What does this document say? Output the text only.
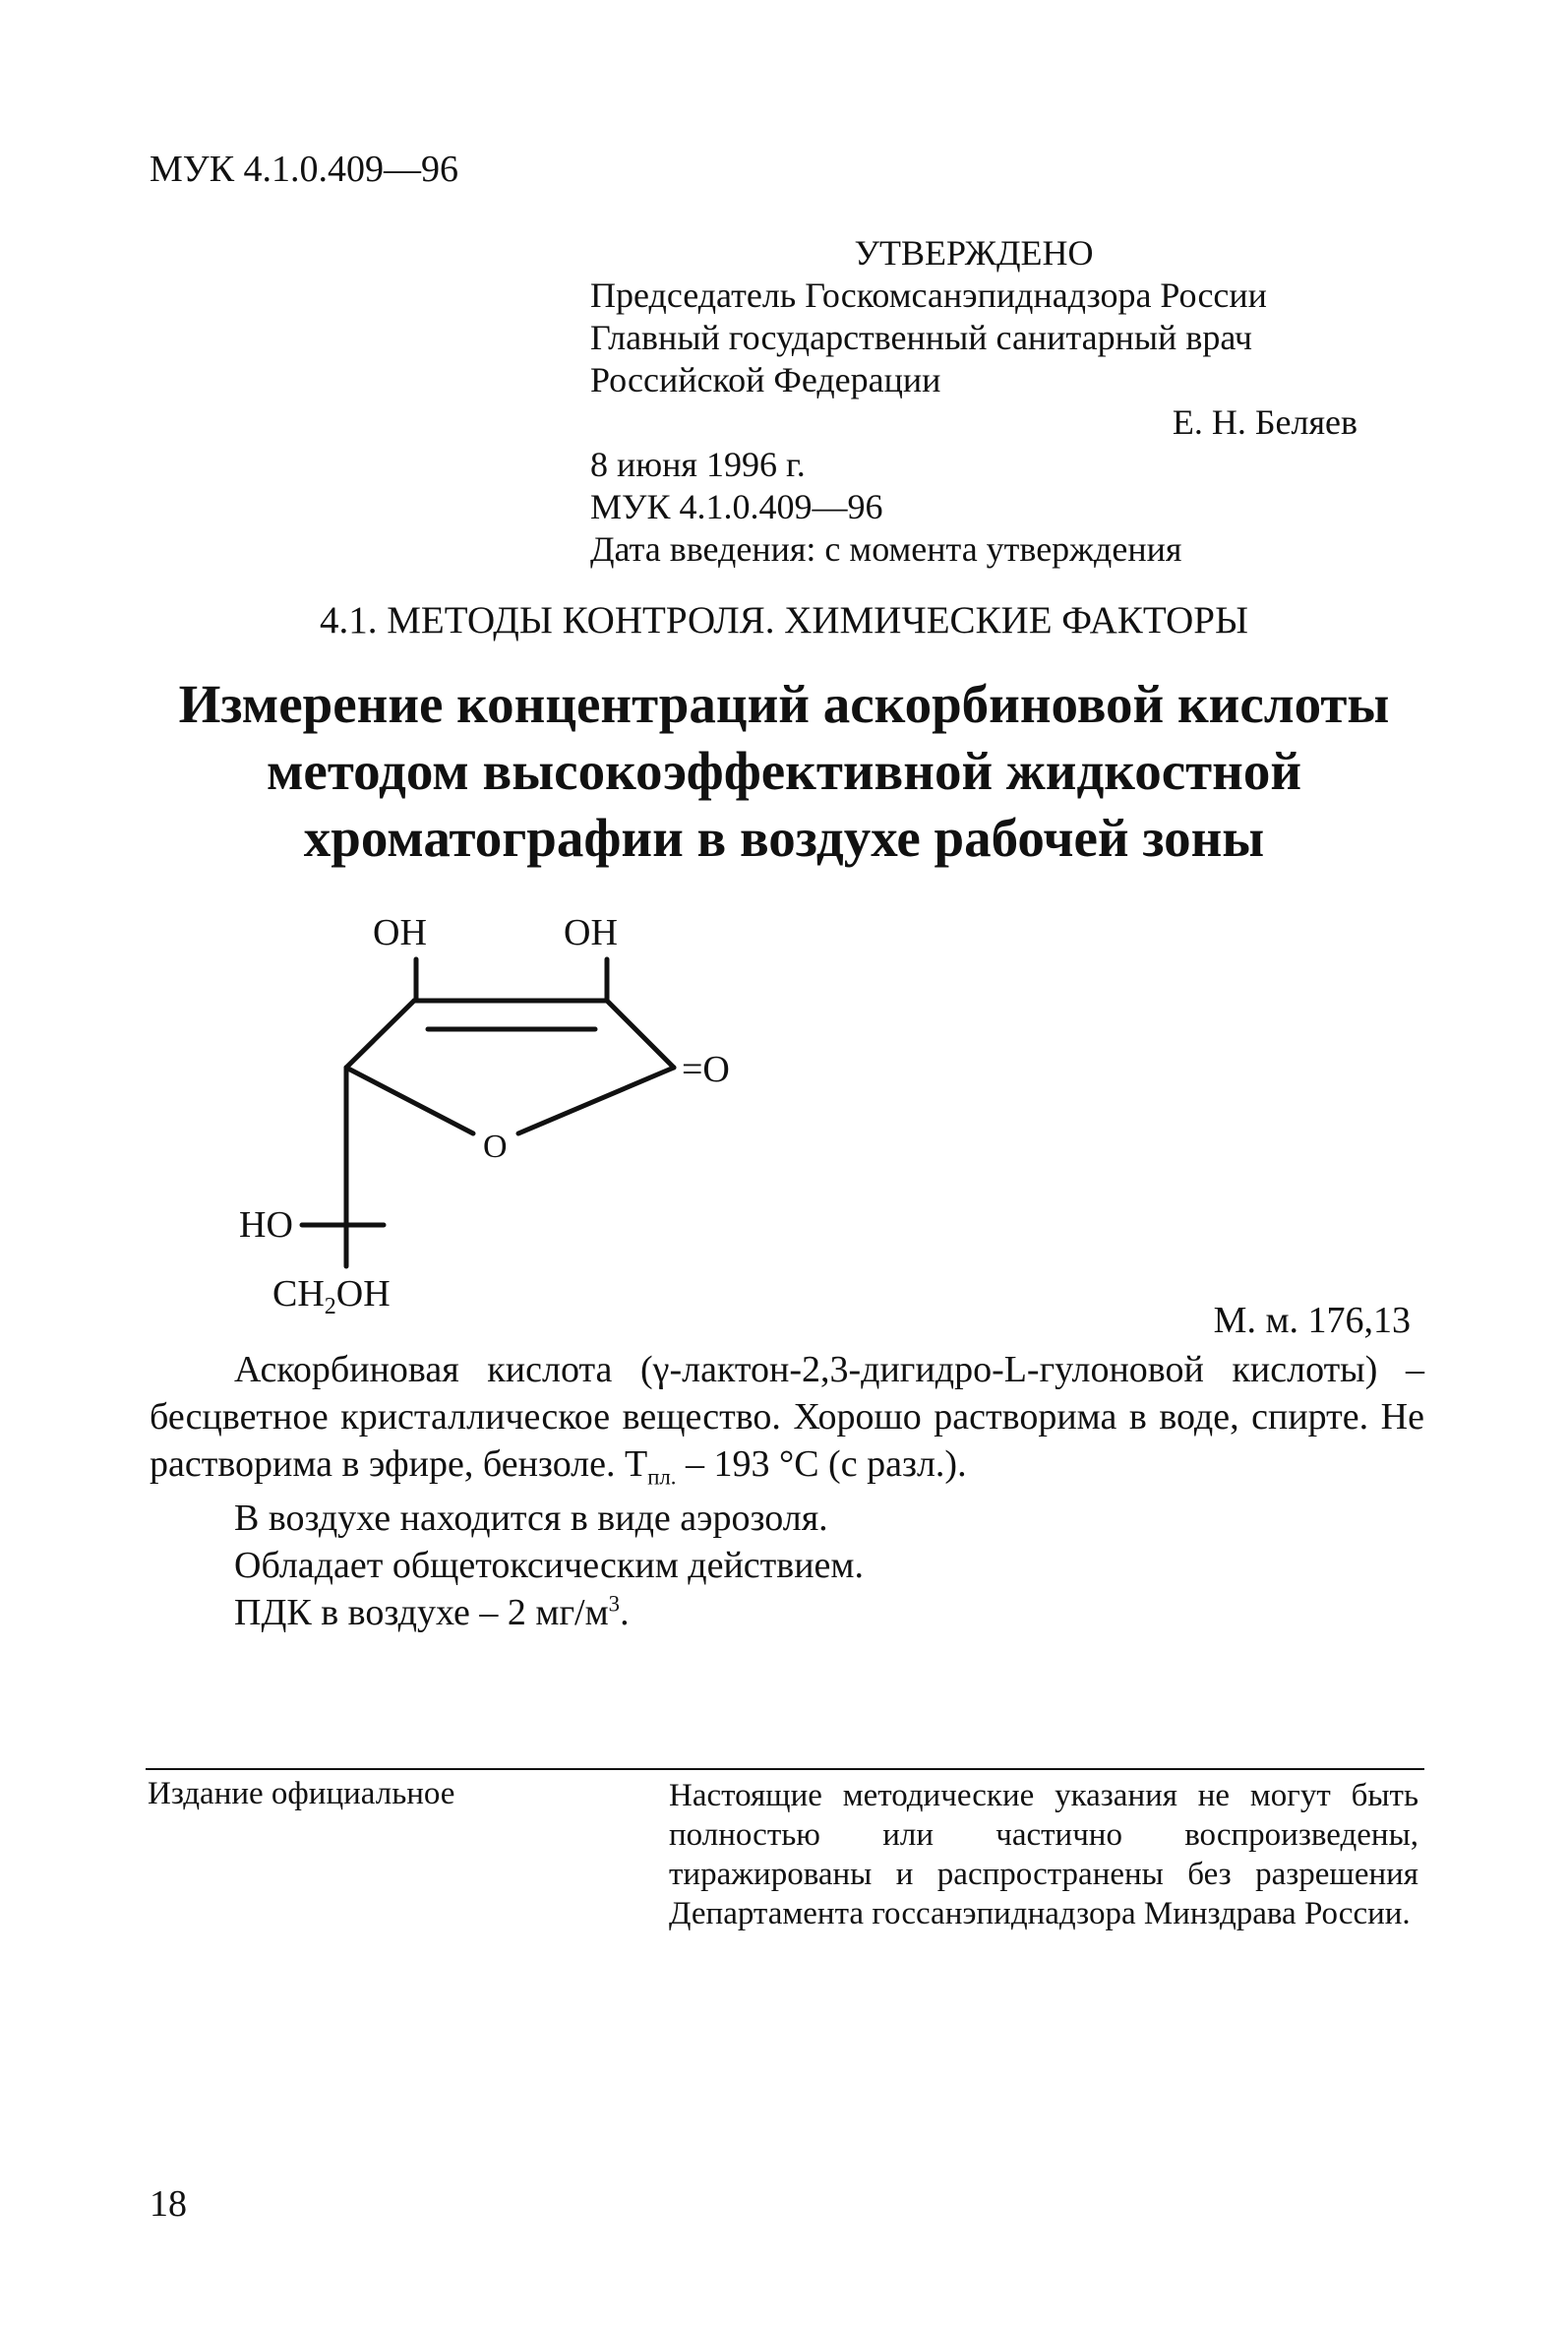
МУК 4.1.0.409—96
УТВЕРЖДЕНО
Председатель Госкомсанэпиднадзора России
Главный государственный санитарный врач
Российской Федерации
Е. Н. Беляев
8 июня 1996 г.
МУК 4.1.0.409—96
Дата введения: с момента утверждения
4.1. МЕТОДЫ КОНТРОЛЯ. ХИМИЧЕСКИЕ ФАКТОРЫ
Измерение концентраций аскорбиновой кислоты
методом высокоэффективной жидкостной
хроматографии в воздухе рабочей зоны
OH	OH
=O
O
HO
$CH_2OH$
М. м. 176,13
Аскорбиновая кислота (γ-лактон-2,3-дигидро-L-гулоновой кислоты) – бесцветное кристаллическое вещество. Хорошо растворима в воде, спирте. Не растворима в эфире, бензоле. $Т_{пл.} - 193$ °С (с разл.).
В воздухе находится в виде аэрозоля.
Обладает общетоксическим действием.
ПДК в воздухе – 2 $мг/м^3$.
Издание официальное	Настоящие методические указания не могут быть полностью или частично воспроизведены, тиражированы и распространены без разрешения Департамента госсанэпиднадзора Минздрава России.
18
